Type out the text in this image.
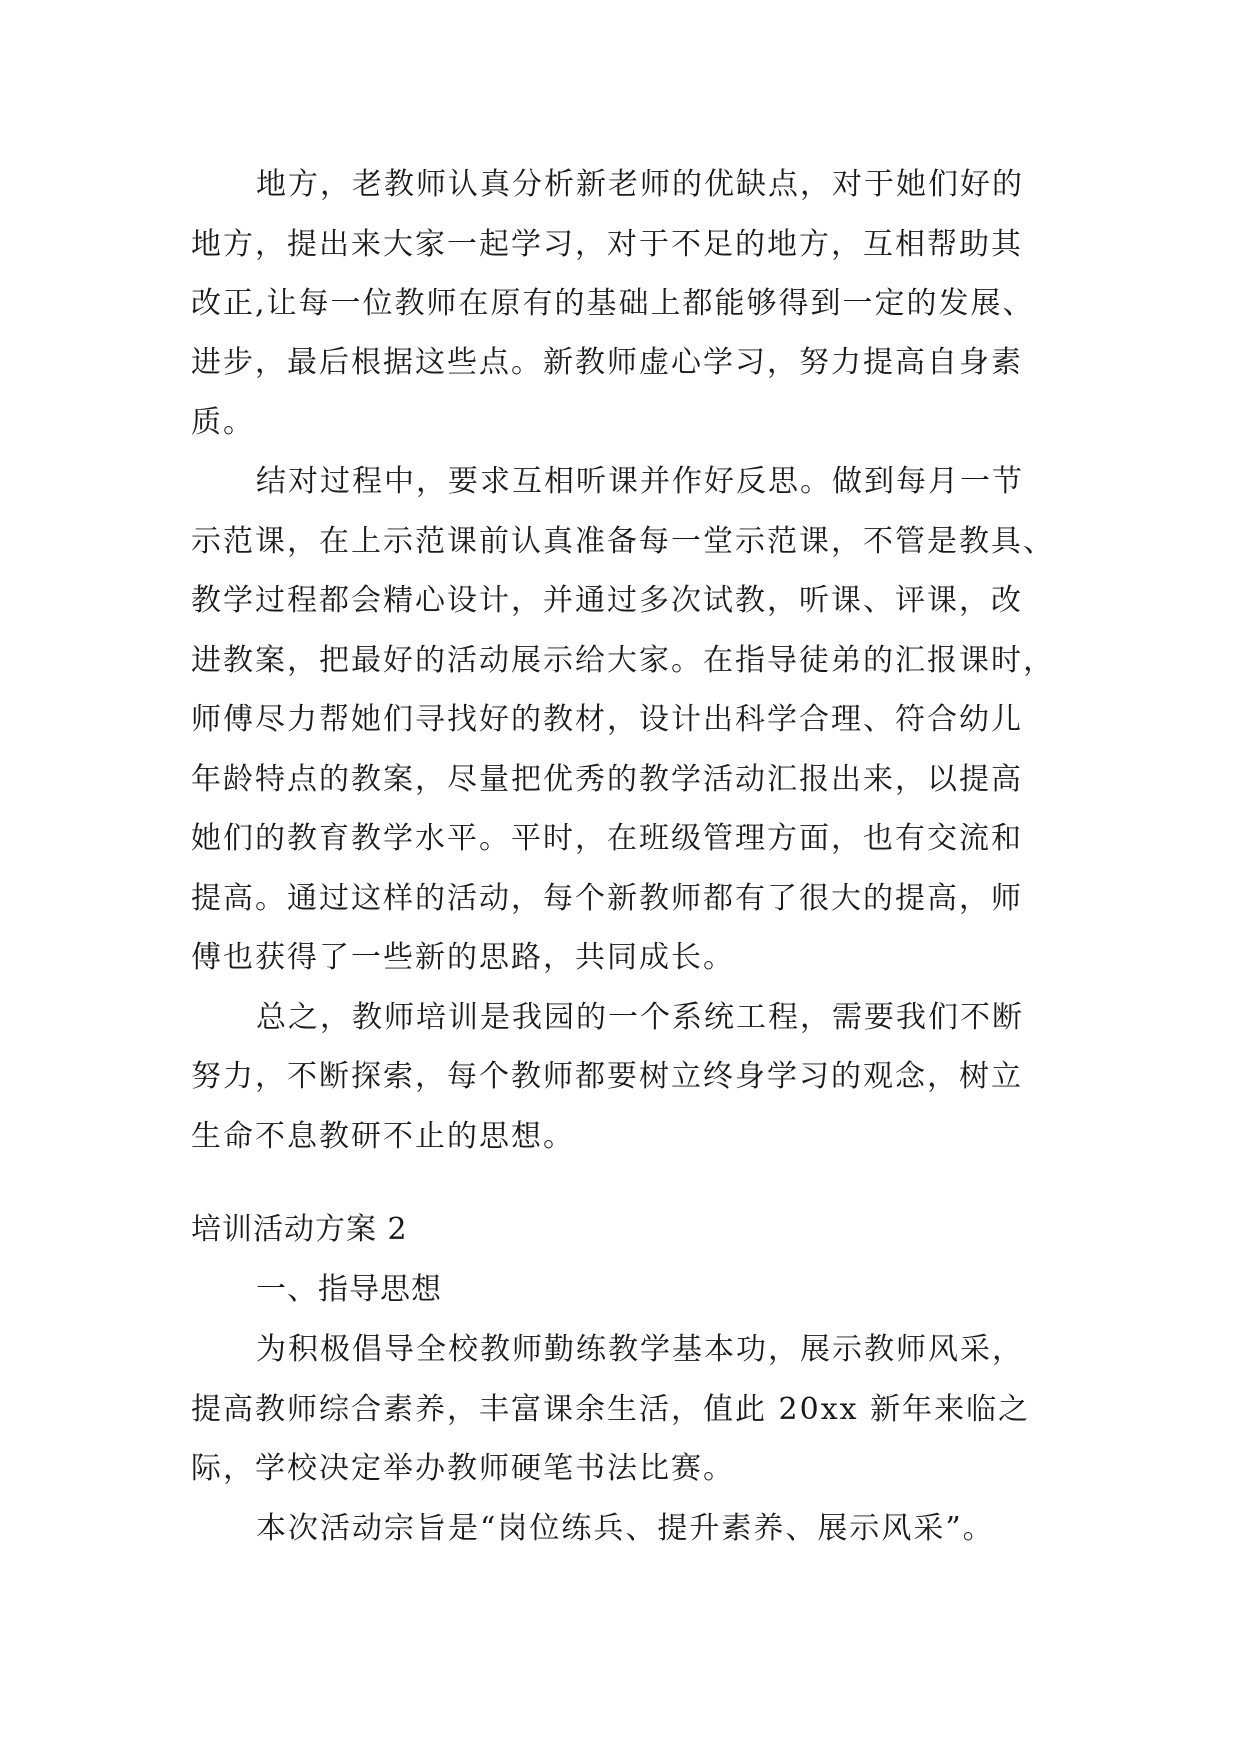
地方，老教师认真分析新老师的优缺点，对于她们好的
地方，提出来大家一起学习，对于不足的地方，互相帮助其
改正,让每一位教师在原有的基础上都能够得到一定的发展、
进步，最后根据这些点。新教师虚心学习，努力提高自身素
质。
结对过程中，要求互相听课并作好反思。做到每月一节
示范课，在上示范课前认真准备每一堂示范课，不管是教具、
教学过程都会精心设计，并通过多次试教，听课、评课，改
进教案，把最好的活动展示给大家。在指导徒弟的汇报课时，
师傅尽力帮她们寻找好的教材，设计出科学合理、符合幼儿
年龄特点的教案，尽量把优秀的教学活动汇报出来，以提高
她们的教育教学水平。平时，在班级管理方面，也有交流和
提高。通过这样的活动，每个新教师都有了很大的提高，师
傅也获得了一些新的思路，共同成长。
总之，教师培训是我园的一个系统工程，需要我们不断
努力，不断探索，每个教师都要树立终身学习的观念，树立
生命不息教研不止的思想。
培训活动方案 2
一、指导思想
为积极倡导全校教师勤练教学基本功，展示教师风采，
提高教师综合素养，丰富课余生活，值此 20xx 新年来临之
际，学校决定举办教师硬笔书法比赛。
本次活动宗旨是“岗位练兵、提升素养、展示风采”。
